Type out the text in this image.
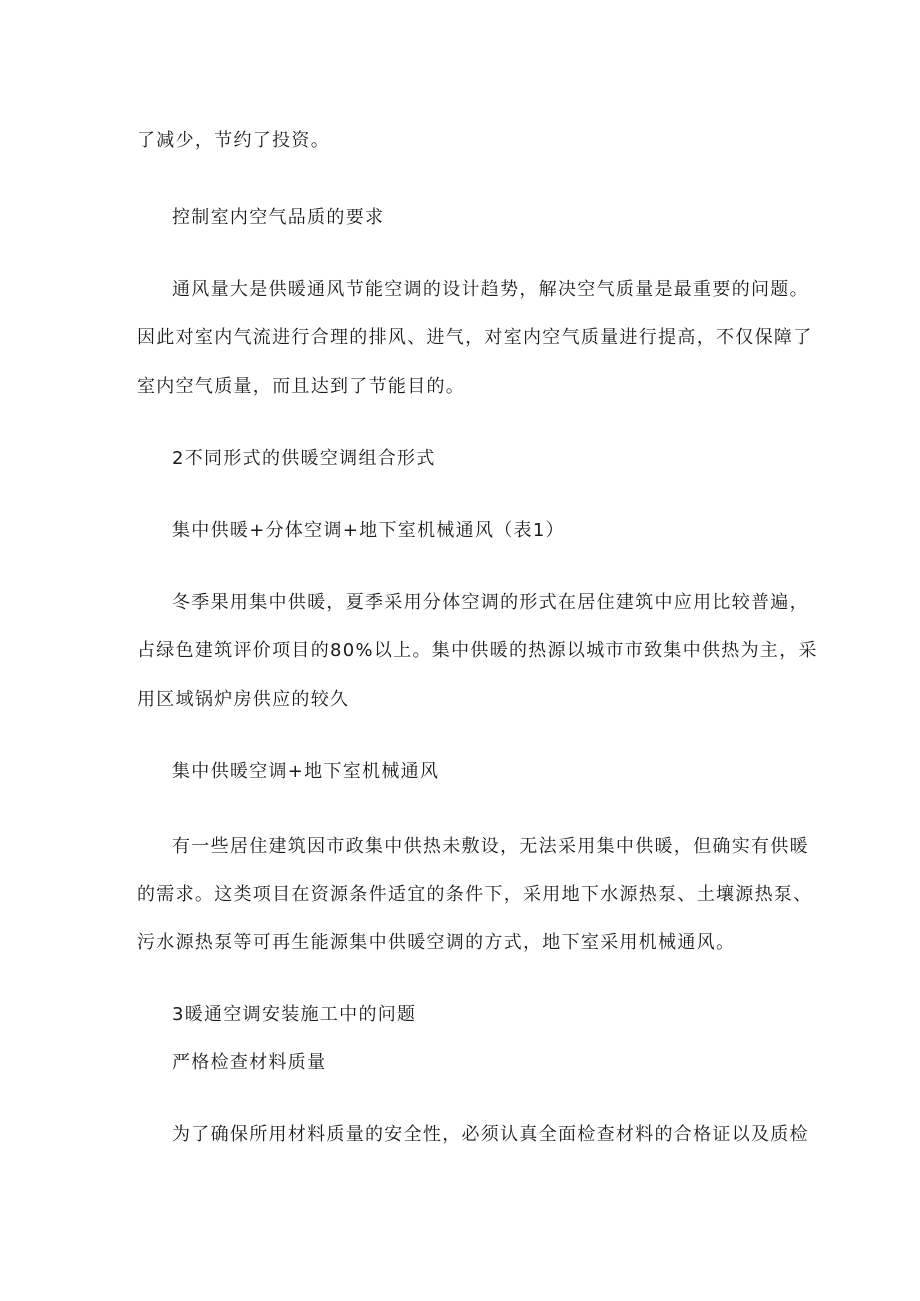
了减少，节约了投资。
控制室内空气品质的要求
通风量大是供暖通风节能空调的设计趋势，解决空气质量是最重要的问题。
因此对室内气流进行合理的排风、进气，对室内空气质量进行提高，不仅保障了
室内空气质量，而且达到了节能目的。
2不同形式的供暖空调组合形式
集中供暖+分体空调+地下室机械通风（表1）
冬季果用集中供暖，夏季采用分体空调的形式在居住建筑中应用比较普遍，
占绿色建筑评价项目的80%以上。集中供暖的热源以城市市致集中供热为主，采
用区域锅炉房供应的较久
集中供暖空调+地下室机械通风
有一些居住建筑因市政集中供热未敷设，无法采用集中供暖，但确实有供暖
的需求。这类项目在资源条件适宜的条件下，采用地下水源热泵、土壤源热泵、
污水源热泵等可再生能源集中供暖空调的方式，地下室采用机械通风。
3暖通空调安装施工中的问题
严格检查材料质量
为了确保所用材料质量的安全性，必须认真全面检查材料的合格证以及质检
